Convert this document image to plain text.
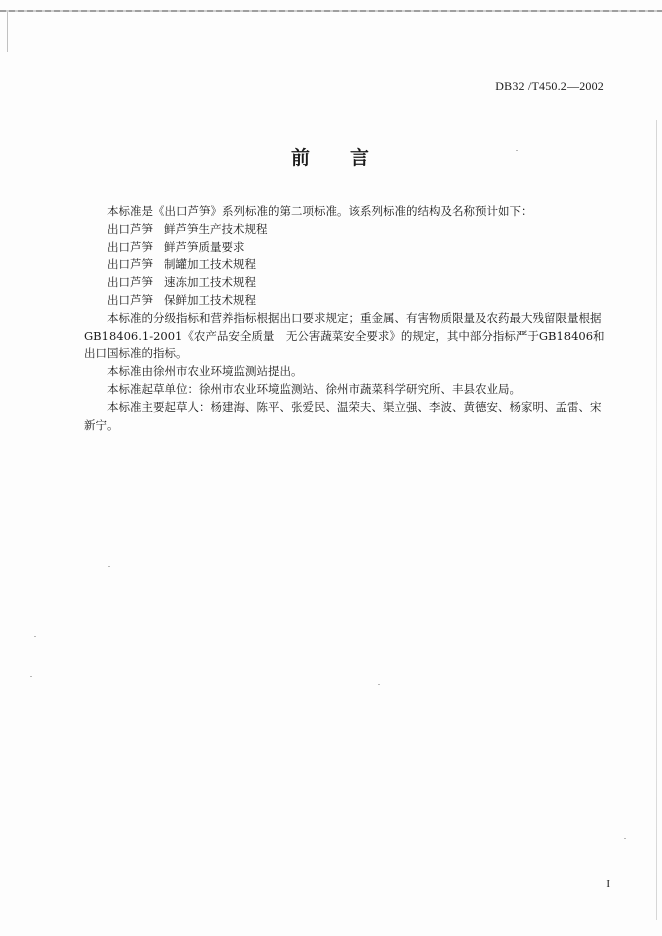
DB32 /T450.2—2002
前 言
本标准是《出口芦笋》系列标准的第二项标准。该系列标准的结构及名称预计如下：
出口芦笋 鲜芦笋生产技术规程
出口芦笋 鲜芦笋质量要求
出口芦笋 制罐加工技术规程
出口芦笋 速冻加工技术规程
出口芦笋 保鲜加工技术规程
本标准的分级指标和营养指标根据出口要求规定；重金属、有害物质限量及农药最大残留限量根据GB18406.1-2001《农产品安全质量　无公害蔬菜安全要求》的规定，其中部分指标严于GB18406和出口国标准的指标。
本标准由徐州市农业环境监测站提出。
本标准起草单位：徐州市农业环境监测站、徐州市蔬菜科学研究所、丰县农业局。
本标准主要起草人：杨建海、陈平、张爱民、温荣夫、渠立强、李波、黄德安、杨家明、孟雷、宋新宁。
I
